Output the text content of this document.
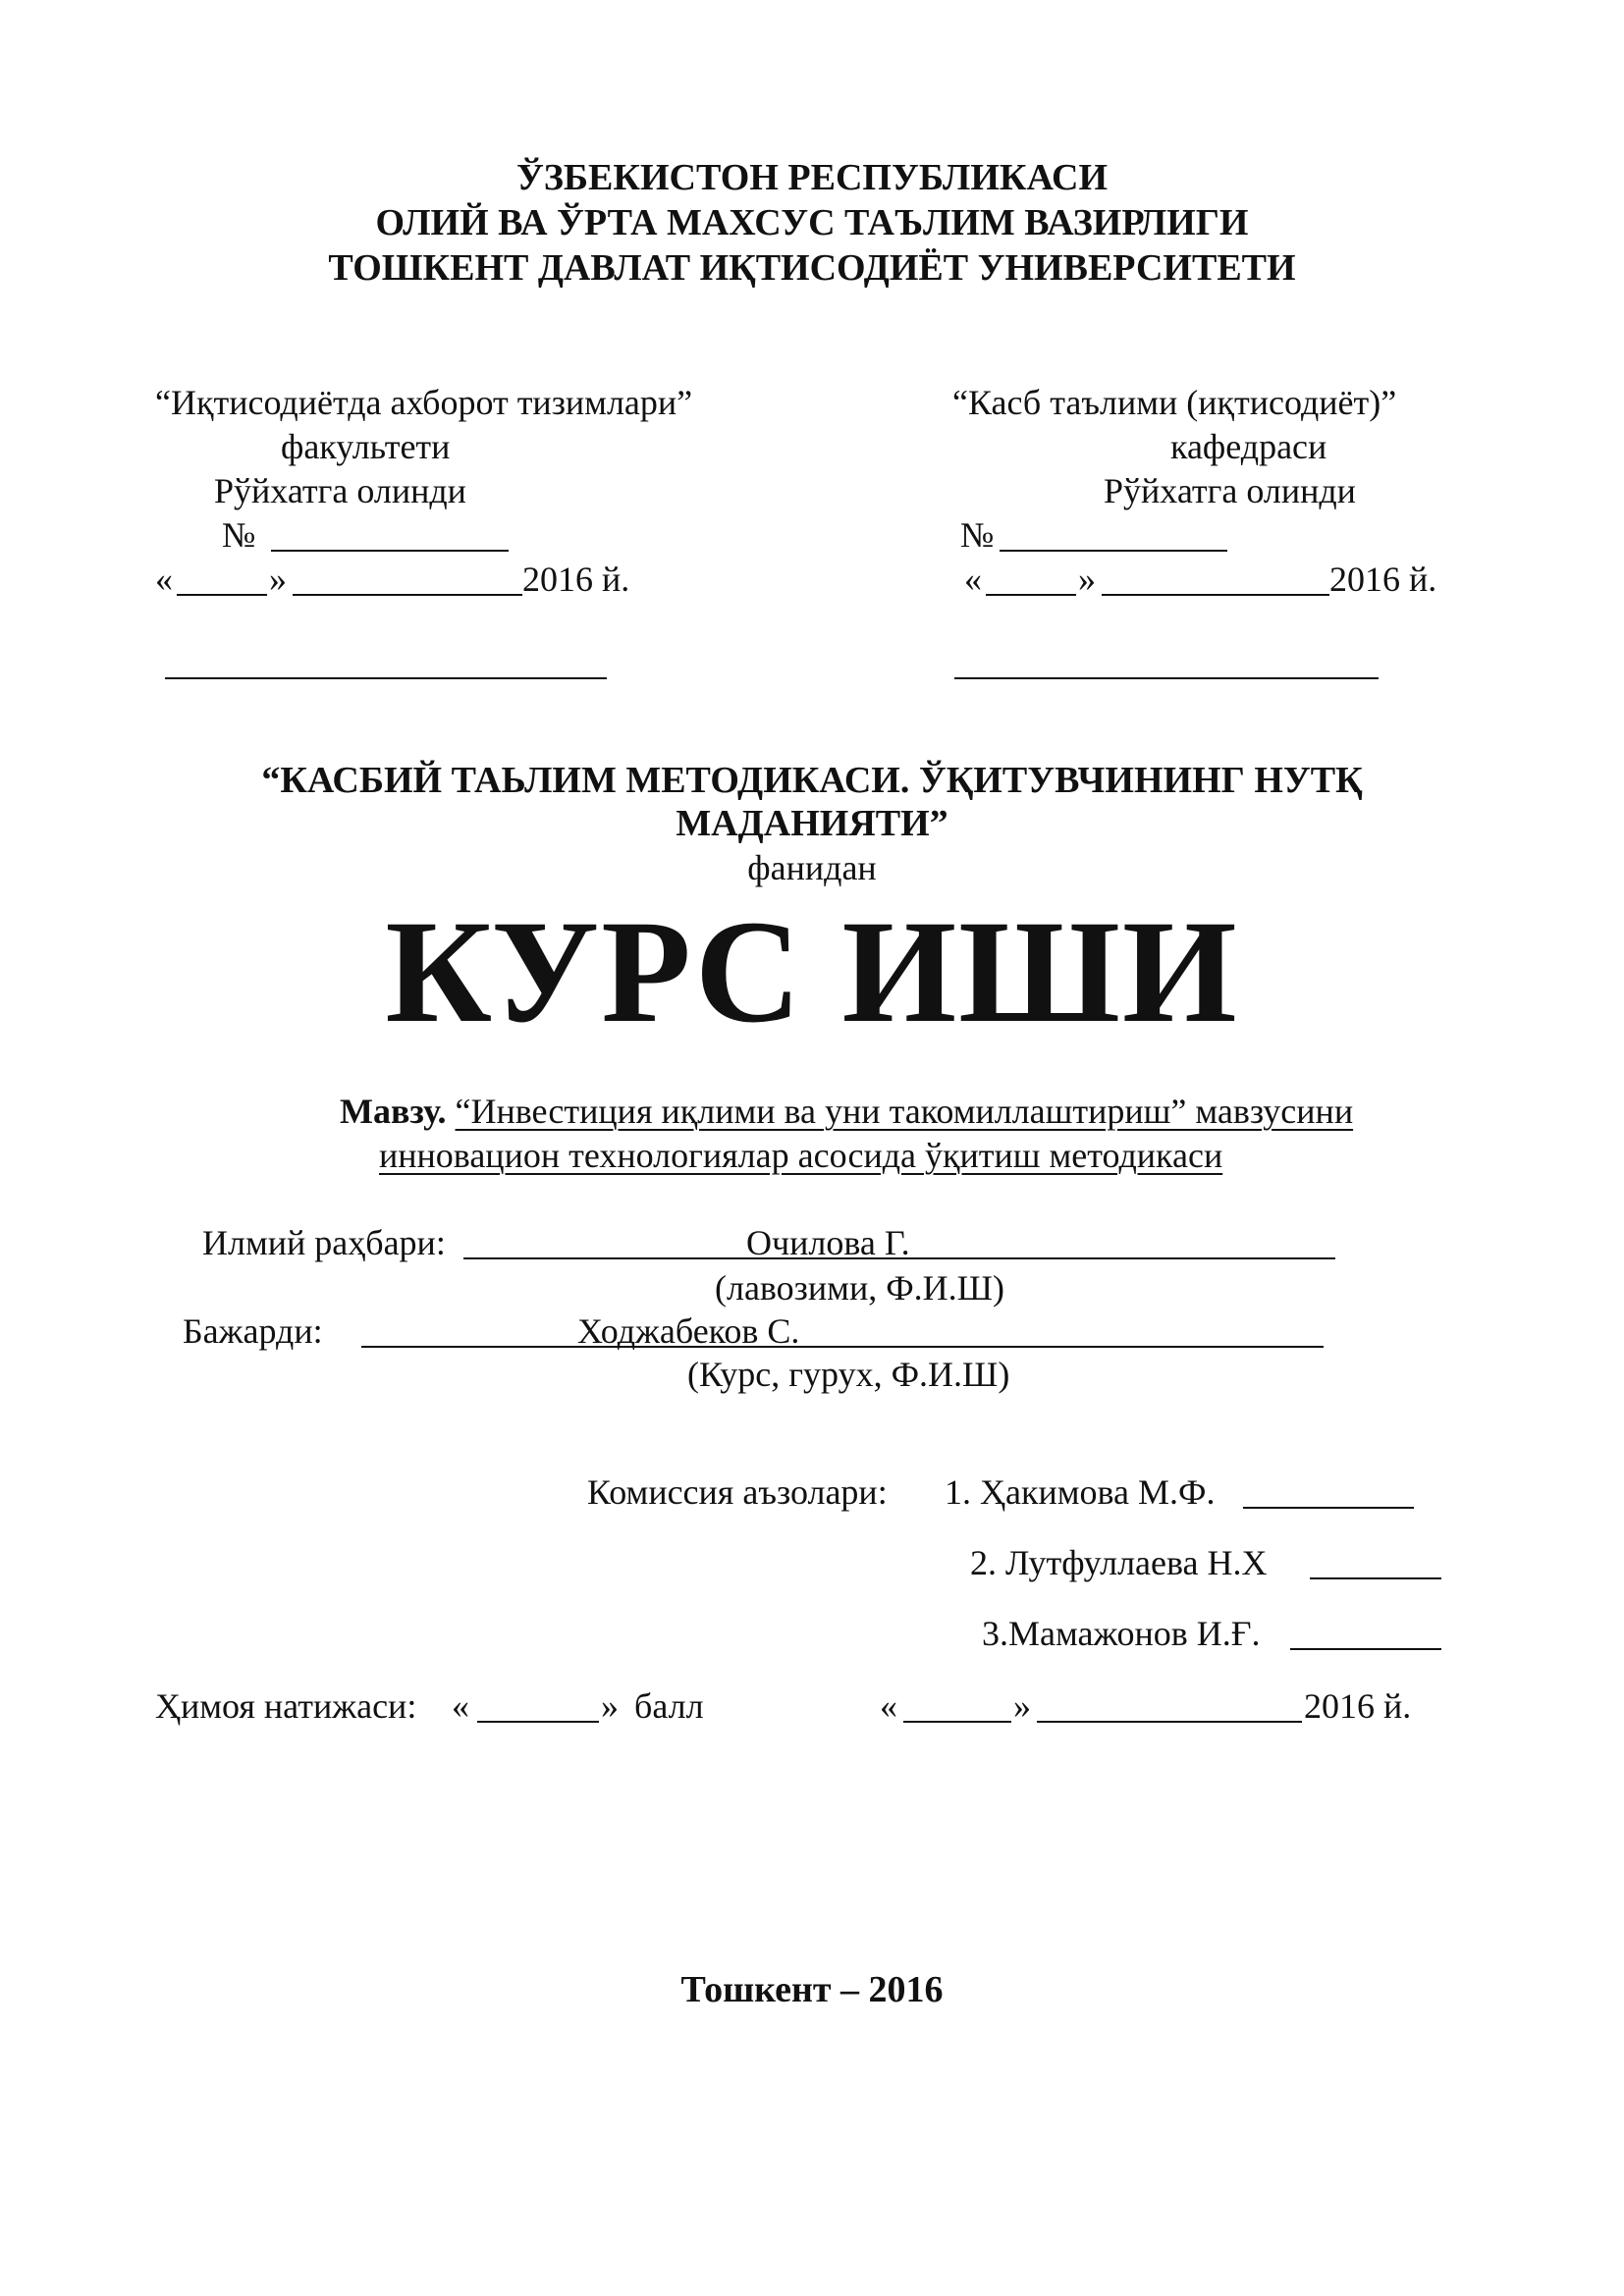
ЎЗБЕКИСТОН РЕСПУБЛИКАСИ
ОЛИЙ ВА ЎРТА МАХСУС ТАЪЛИМ ВАЗИРЛИГИ
ТОШКЕНТ ДАВЛАТ ИҚТИСОДИЁТ УНИВЕРСИТЕТИ
“Иқтисодиётда ахборот тизимлари”
факультети
Рўйхатга олинди
№
«	»	2016 й.
“Касб таълими (иқтисодиёт)”
кафедраси
Рўйхатга олинди
№
«	»	2016 й.
“КАСБИЙ ТАЬЛИМ МЕТОДИКАСИ. ЎҚИТУВЧИНИНГ НУТҚ
МАДАНИЯТИ”
фанидан
КУРС ИШИ
Мавзу. “Инвестиция иқлими ва уни такомиллаштириш” мавзусини
инновацион технологиялар асосида ўқитиш методикаси
Илмий раҳбари:	Очилова Г.
(лавозими, Ф.И.Ш)
Бажарди:	Ходжабеков С.
(Курс, гурух, Ф.И.Ш)
Комиссия аъзолари: 1. Ҳакимова М.Ф.
2. Лутфуллаева Н.Х
3.Мамажонов И.Ғ.
Ҳимоя натижаси: «	» балл	«	»	2016 й.
Тошкент – 2016
